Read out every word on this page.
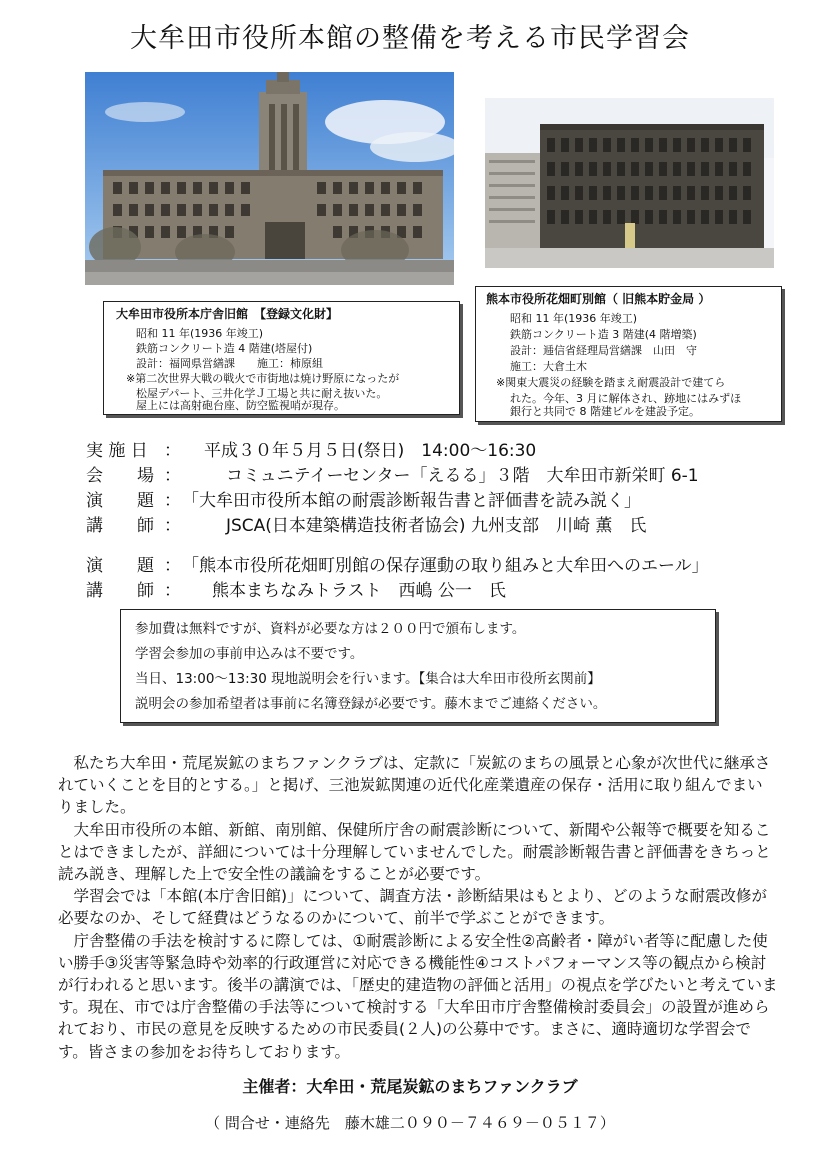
大牟田市役所本館の整備を考える市民学習会
大牟田市役所本庁舎旧館　【登録文化財】
昭和 11 年(1936 年竣工)
鉄筋コンクリート造 4 階建(塔屋付)
設計：福岡県営繕課　　施工：柿原組
※第二次世界大戦の戦火で市街地は焼け野原になったが
松屋デパート、三井化学Ｊ工場と共に耐え抜いた。
屋上には高射砲台座、防空監視哨が現存。
熊本市役所花畑町別館（ 旧熊本貯金局 ）
昭和 11 年(1936 年竣工)
鉄筋コンクリート造 3 階建(4 階増築)
設計：逓信省経理局営繕課　山田　守
施工：大倉土木
※関東大震災の経験を踏まえ耐震設計で建てら
れた。今年、3 月に解体され、跡地にはみずほ
銀行と共同で 8 階建ビルを建設予定。
実 施 日 ： 平成３０年５月５日(祭日)　14:00～16:30
会　　場 ：	コミュニテイーセンター「えるる」３階　大牟田市新栄町 6-1
演　　題 ： 「大牟田市役所本館の耐震診断報告書と評価書を読み説く」
講　　師 ：	JSCA(日本建築構造技術者協会) 九州支部　川崎 薫　氏
演　　題 ： 「熊本市役所花畑町別館の保存運動の取り組みと大牟田へのエール」
講　　師 ： 熊本まちなみトラスト　西嶋 公一　氏
参加費は無料ですが、資料が必要な方は２００円で頒布します。
学習会参加の事前申込みは不要です。
当日、13:00～13:30 現地説明会を行います。【集合は大牟田市役所玄関前】
説明会の参加希望者は事前に名簿登録が必要です。藤木までご連絡ください。

私たち大牟田・荒尾炭鉱のまちファンクラブは、定款に「炭鉱のまちの風景と心象が次世代に継承されていくことを目的とする。」と掲げ、三池炭鉱関連の近代化産業遺産の保存・活用に取り組んでまいりました。

大牟田市役所の本館、新館、南別館、保健所庁舎の耐震診断について、新聞や公報等で概要を知ることはできましたが、詳細については十分理解していませんでした。耐震診断報告書と評価書をきちっと読み説き、理解した上で安全性の議論をすることが必要です。

学習会では「本館(本庁舎旧館)」について、調査方法・診断結果はもとより、どのような耐震改修が必要なのか、そして経費はどうなるのかについて、前半で学ぶことができます。

庁舎整備の手法を検討するに際しては、①耐震診断による安全性②高齢者・障がい者等に配慮した使い勝手③災害等緊急時や効率的行政運営に対応できる機能性④コストパフォーマンス等の観点から検討が行われると思います。後半の講演では、「歴史的建造物の評価と活用」の視点を学びたいと考えています。現在、市では庁舎整備の手法等について検討する「大牟田市庁舎整備検討委員会」の設置が進められており、市民の意見を反映するための市民委員(２人)の公募中です。まさに、適時適切な学習会です。皆さまの参加をお待ちしております。

主催者：大牟田・荒尾炭鉱のまちファンクラブ
（ 問合せ・連絡先　藤木雄二０９０－７４６９－０５１７）
